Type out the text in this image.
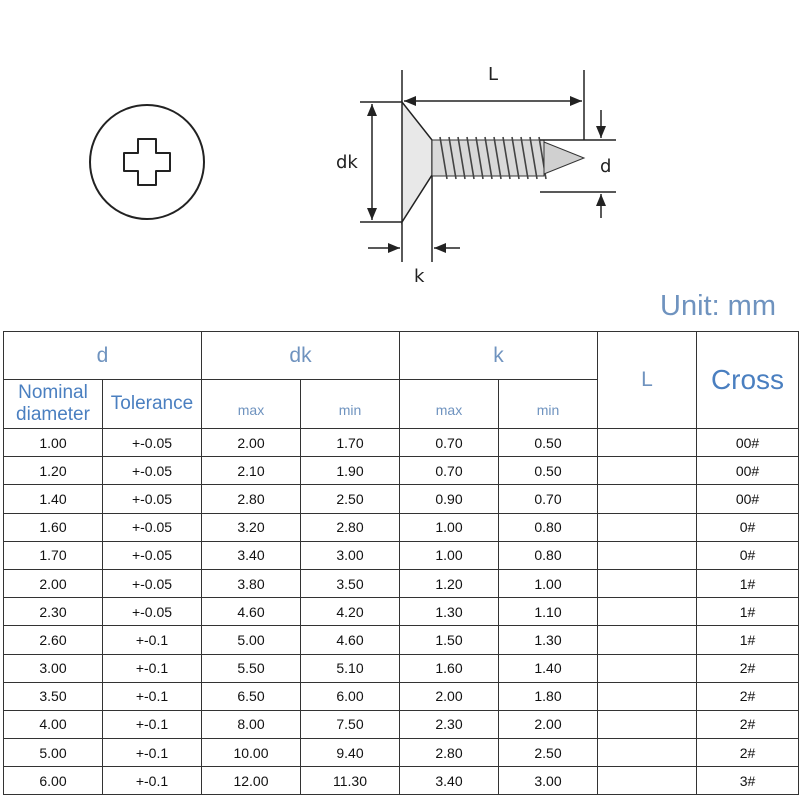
L
dk	d
k
Unit: mm
d		dk		k		L	Cross
Nominal diameter	Tolerance	max	min	max	min		
1.00	+-0.05	2.00	1.70	0.70	0.50		00#
1.20	+-0.05	2.10	1.90	0.70	0.50		00#
1.40	+-0.05	2.80	2.50	0.90	0.70		00#
1.60	+-0.05	3.20	2.80	1.00	0.80		0#
1.70	+-0.05	3.40	3.00	1.00	0.80		0#
2.00	+-0.05	3.80	3.50	1.20	1.00		1#
2.30	+-0.05	4.60	4.20	1.30	1.10		1#
2.60	+-0.1	5.00	4.60	1.50	1.30		1#
3.00	+-0.1	5.50	5.10	1.60	1.40		2#
3.50	+-0.1	6.50	6.00	2.00	1.80		2#
4.00	+-0.1	8.00	7.50	2.30	2.00		2#
5.00	+-0.1	10.00	9.40	2.80	2.50		2#
6.00	+-0.1	12.00	11.30	3.40	3.00		3#
